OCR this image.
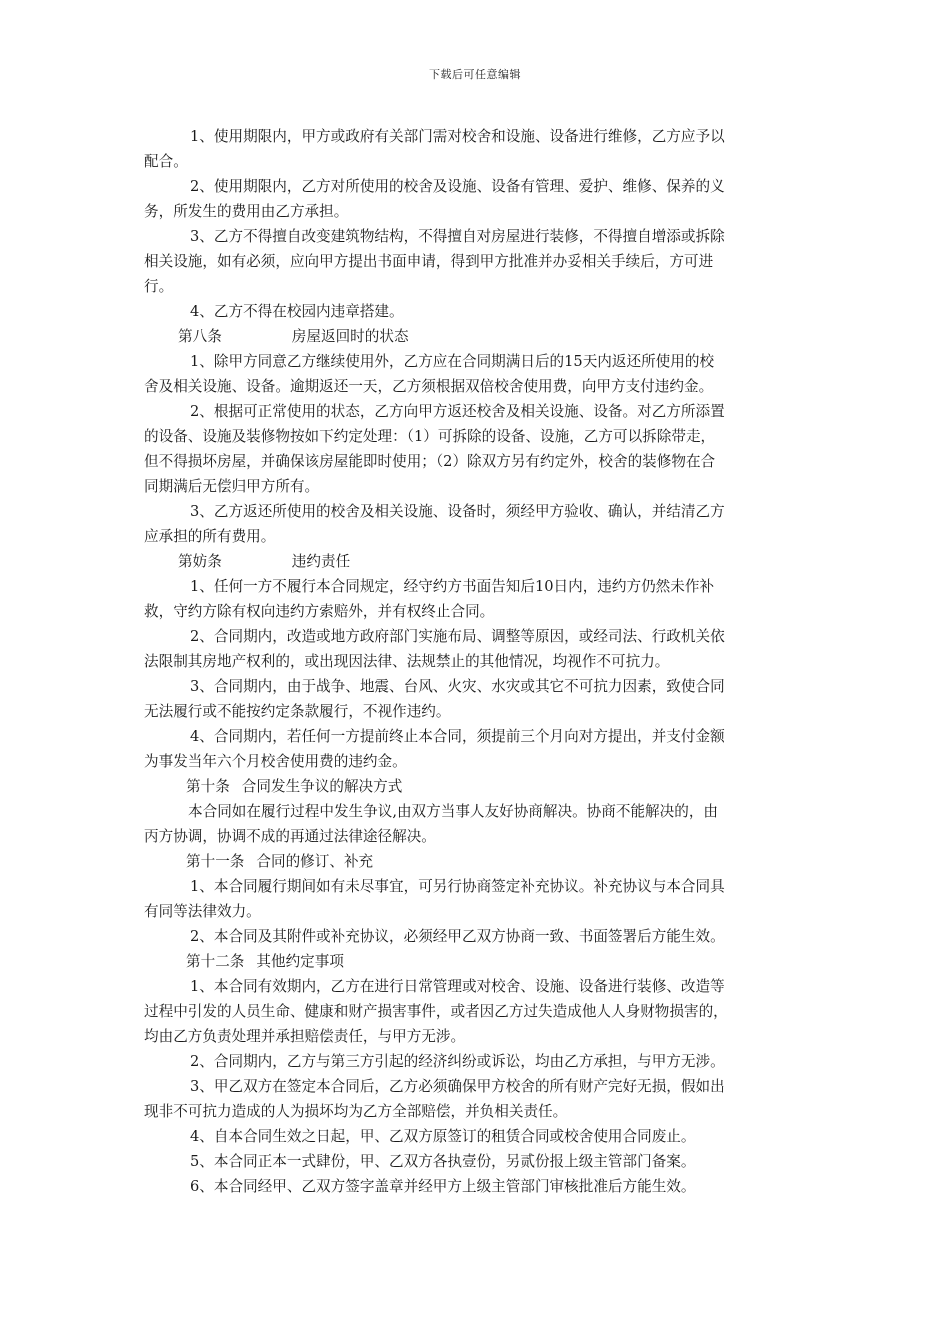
下载后可任意编辑
1、使用期限内，甲方或政府有关部门需对校舍和设施、设备进行维修，乙方应予以
配合。
2、使用期限内，乙方对所使用的校舍及设施、设备有管理、爱护、维修、保养的义
务，所发生的费用由乙方承担。
3、乙方不得擅自改变建筑物结构，不得擅自对房屋进行装修，不得擅自增添或拆除
相关设施，如有必须，应向甲方提出书面申请，得到甲方批准并办妥相关手续后，方可进
行。
4、乙方不得在校园内违章搭建。
第八条	房屋返回时的状态
1、除甲方同意乙方继续使用外，乙方应在合同期满日后的15天内返还所使用的校
舍及相关设施、设备。逾期返还一天，乙方须根据双倍校舍使用费，向甲方支付违约金。
2、根据可正常使用的状态，乙方向甲方返还校舍及相关设施、设备。对乙方所添置
的设备、设施及装修物按如下约定处理：（1）可拆除的设备、设施，乙方可以拆除带走，
但不得损坏房屋，并确保该房屋能即时使用；（2）除双方另有约定外，校舍的装修物在合
同期满后无偿归甲方所有。
3、乙方返还所使用的校舍及相关设施、设备时，须经甲方验收、确认，并结清乙方
应承担的所有费用。
第妨条	违约责任
1、任何一方不履行本合同规定，经守约方书面告知后10日内，违约方仍然未作补
救，守约方除有权向违约方索赔外，并有权终止合同。
2、合同期内，改造或地方政府部门实施布局、调整等原因，或经司法、行政机关依
法限制其房地产权利的，或出现因法律、法规禁止的其他情况，均视作不可抗力。
3、合同期内，由于战争、地震、台风、火灾、水灾或其它不可抗力因素，致使合同
无法履行或不能按约定条款履行，不视作违约。
4、合同期内，若任何一方提前终止本合同，须提前三个月向对方提出，并支付金额
为事发当年六个月校舍使用费的违约金。
第十条 合同发生争议的解决方式
本合同如在履行过程中发生争议,由双方当事人友好协商解决。协商不能解决的，由
丙方协调，协调不成的再通过法律途径解决。
第十一条 合同的修订、补充
1、本合同履行期间如有未尽事宜，可另行协商签定补充协议。补充协议与本合同具
有同等法律效力。
2、本合同及其附件或补充协议，必须经甲乙双方协商一致、书面签署后方能生效。
第十二条 其他约定事项
1、本合同有效期内，乙方在进行日常管理或对校舍、设施、设备进行装修、改造等
过程中引发的人员生命、健康和财产损害事件，或者因乙方过失造成他人人身财物损害的，
均由乙方负责处理并承担赔偿责任，与甲方无涉。
2、合同期内，乙方与第三方引起的经济纠纷或诉讼，均由乙方承担，与甲方无涉。
3、甲乙双方在签定本合同后，乙方必须确保甲方校舍的所有财产完好无损，假如出
现非不可抗力造成的人为损坏均为乙方全部赔偿，并负相关责任。
4、自本合同生效之日起，甲、乙双方原签订的租赁合同或校舍使用合同废止。
5、本合同正本一式肆份，甲、乙双方各执壹份，另贰份报上级主管部门备案。
6、本合同经甲、乙双方签字盖章并经甲方上级主管部门审核批准后方能生效。
